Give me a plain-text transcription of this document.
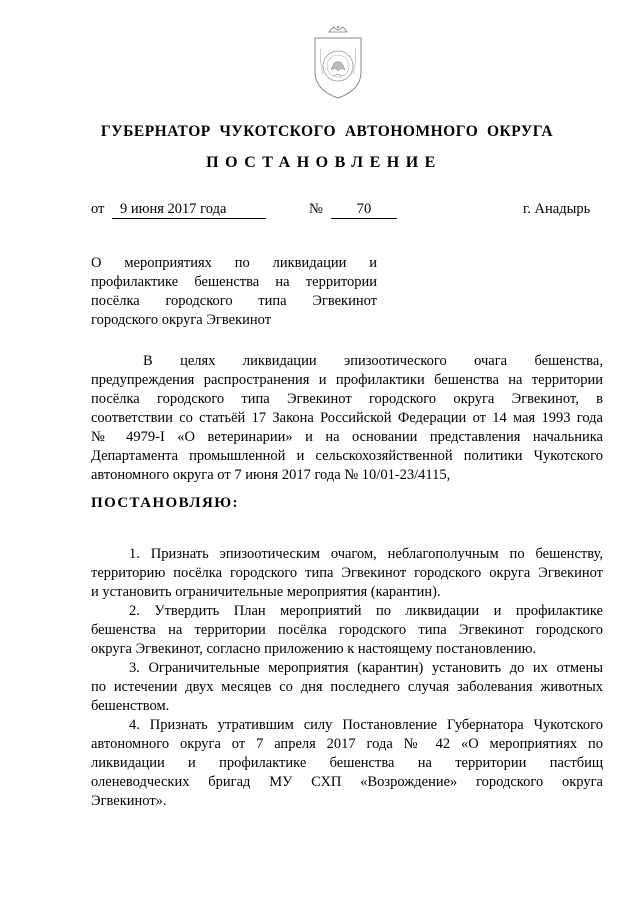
ГУБЕРНАТОР  ЧУКОТСКОГО  АВТОНОМНОГО  ОКРУГА
ПОСТАНОВЛЕНИЕ
от	9 июня 2017 года	№	70	г. Анадырь
О мероприятиях по ликвидации и
профилактике бешенства на территории
посёлка городского типа Эгвекинот
городского округа Эгвекинот
В целях ликвидации эпизоотического очага бешенства,
предупреждения распространения и профилактики бешенства на территории
посёлка городского типа Эгвекинот городского округа Эгвекинот, в
соответствии со статьёй 17 Закона Российской Федерации от 14 мая 1993 года
№ 4979-I «О ветеринарии» и на основании представления начальника
Департамента промышленной и сельскохозяйственной политики Чукотского
автономного округа от 7 июня 2017 года № 10/01-23/4115,
ПОСТАНОВЛЯЮ:
1. Признать эпизоотическим очагом, неблагополучным по бешенству,
территорию посёлка городского типа Эгвекинот городского округа Эгвекинот
и установить ограничительные мероприятия (карантин).
2. Утвердить План мероприятий по ликвидации и профилактике
бешенства на территории посёлка городского типа Эгвекинот городского
округа Эгвекинот, согласно приложению к настоящему постановлению.
3. Ограничительные мероприятия (карантин) установить до их отмены
по истечении двух месяцев со дня последнего случая заболевания животных
бешенством.
4. Признать утратившим силу Постановление Губернатора Чукотского
автономного округа от 7 апреля 2017 года № 42 «О мероприятиях по
ликвидации и профилактике бешенства на территории пастбищ
оленеводческих бригад МУ СХП «Возрождение» городского округа
Эгвекинот».
